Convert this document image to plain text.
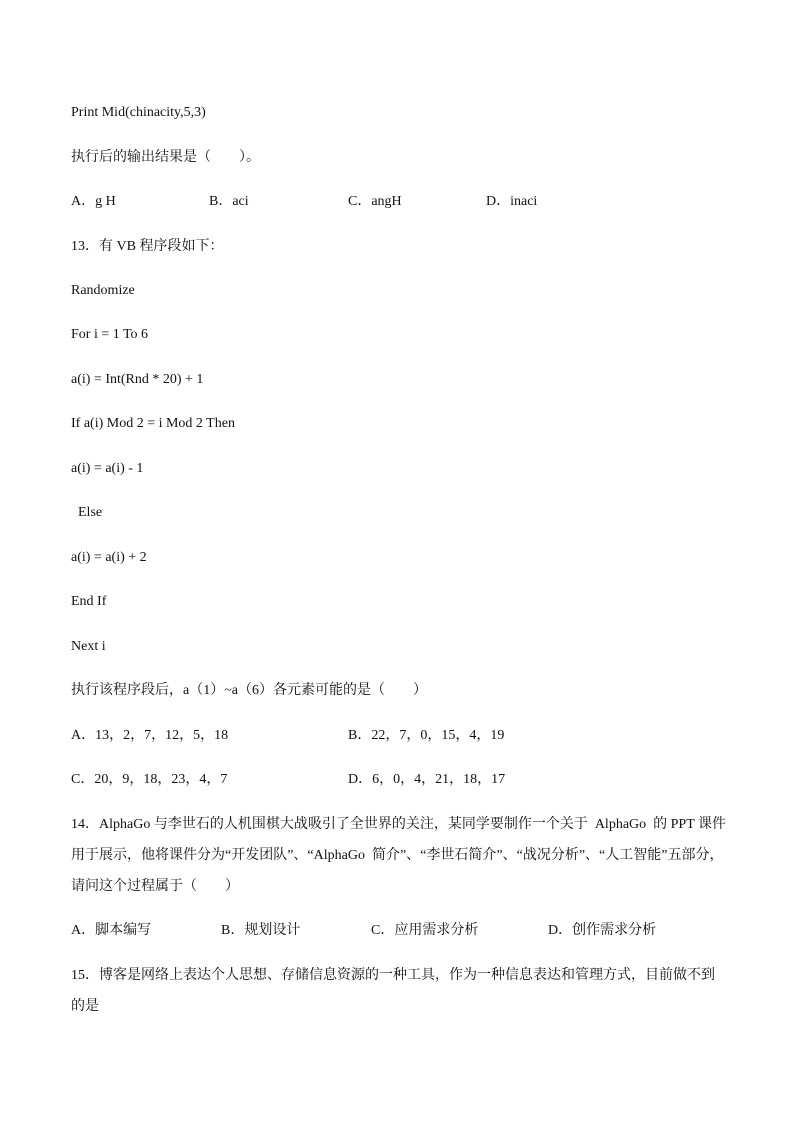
Print Mid(chinacity,5,3)
执行后的输出结果是（        ）。
A．g H	B．aci	C．angH	D．inaci
13．有 VB 程序段如下：
Randomize
For i = 1 To 6
a(i) = Int(Rnd * 20) + 1
If a(i) Mod 2 = i Mod 2 Then
a(i) = a(i) - 1
Else
a(i) = a(i) + 2
End If
Next i
执行该程序段后，a（1）~a（6）各元素可能的是（        ）
A．13，2，7，12，5，18	B．22，7，0，15，4，19
C．20，9，18，23，4，7	D．6，0，4，21，18，17
14．AlphaGo 与李世石的人机围棋大战吸引了全世界的关注，某同学要制作一个关于  AlphaGo  的 PPT 课件
用于展示，他将课件分为“开发团队”、“AlphaGo  简介”、“李世石简介”、“战况分析”、“人工智能”五部分，
请问这个过程属于（        ）
A．脚本编写	B．规划设计	C．应用需求分析	D．创作需求分析
15．博客是网络上表达个人思想、存储信息资源的一种工具，作为一种信息表达和管理方式，目前做不到
的是
